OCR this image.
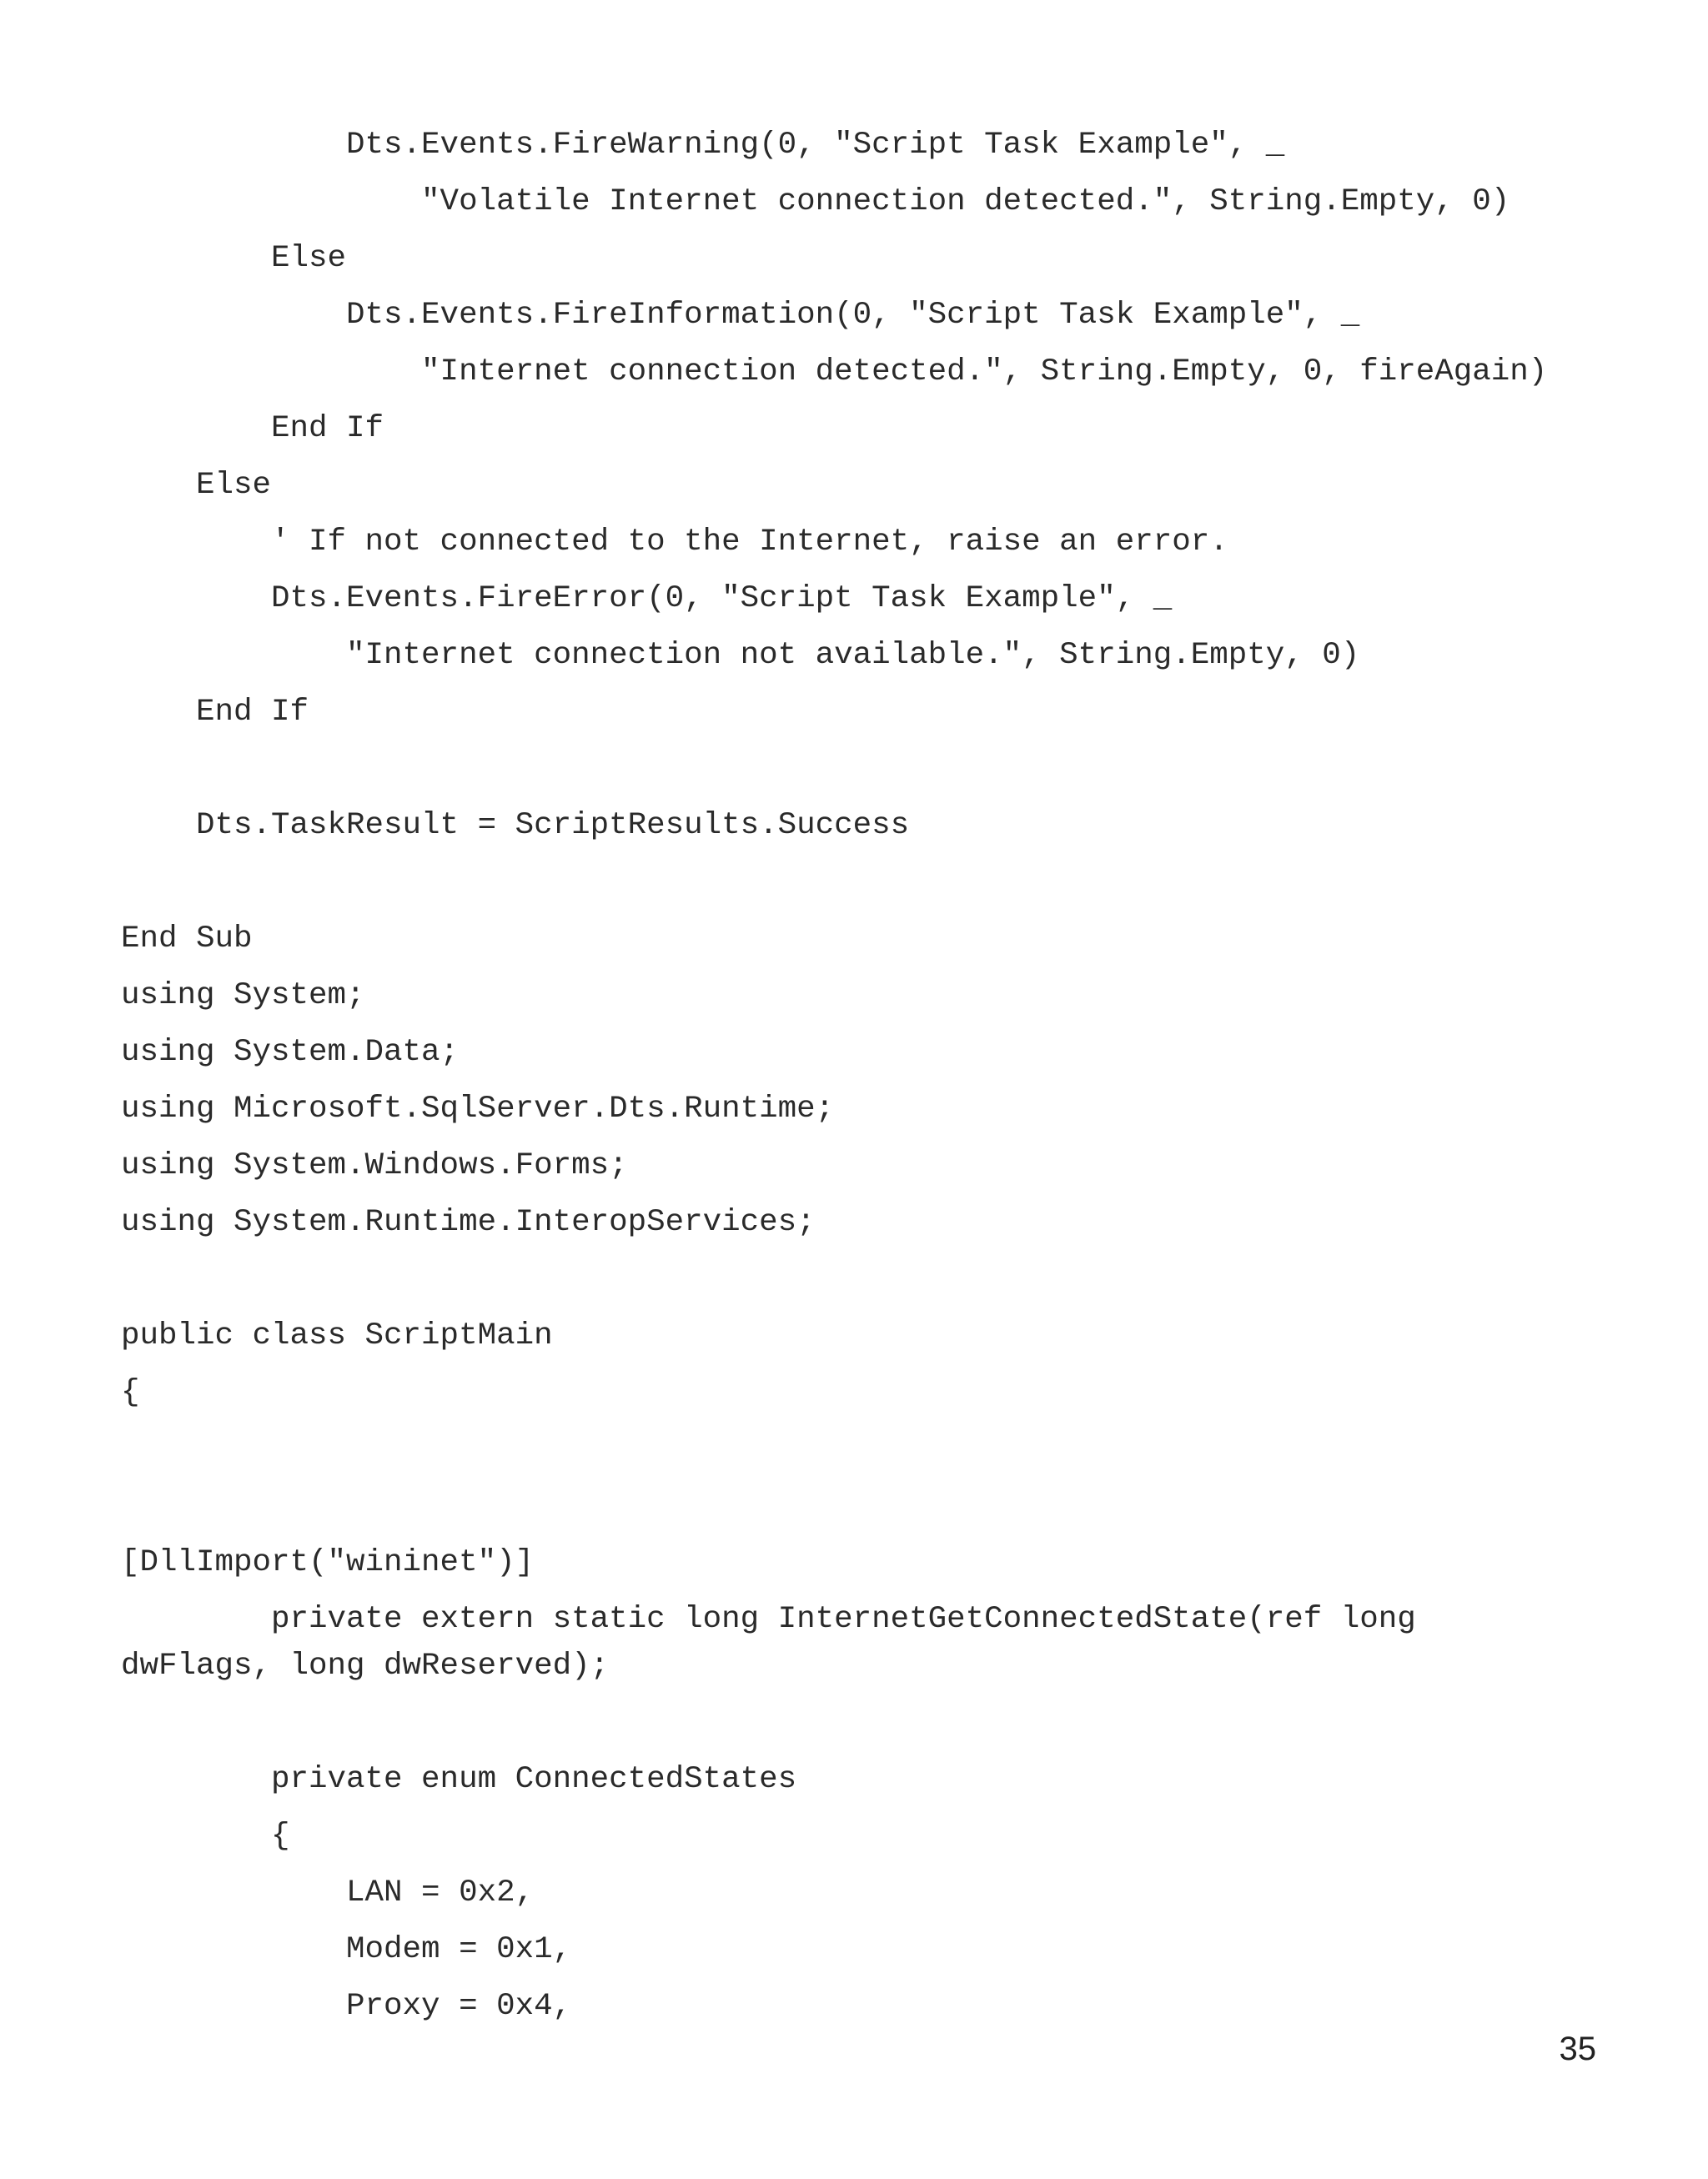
Dts.Events.FireWarning(0, "Script Task Example", _
"Volatile Internet connection detected.", String.Empty, 0)
Else
Dts.Events.FireInformation(0, "Script Task Example", _
"Internet connection detected.", String.Empty, 0, fireAgain)
End If
Else
' If not connected to the Internet, raise an error.
Dts.Events.FireError(0, "Script Task Example", _
"Internet connection not available.", String.Empty, 0)
End If
Dts.TaskResult = ScriptResults.Success
End Sub
using System;
using System.Data;
using Microsoft.SqlServer.Dts.Runtime;
using System.Windows.Forms;
using System.Runtime.InteropServices;
public class ScriptMain
{
[DllImport("wininet")]
private extern static long InternetGetConnectedState(ref long
dwFlags, long dwReserved);
private enum ConnectedStates
{
LAN = 0x2,
Modem = 0x1,
Proxy = 0x4,
35
